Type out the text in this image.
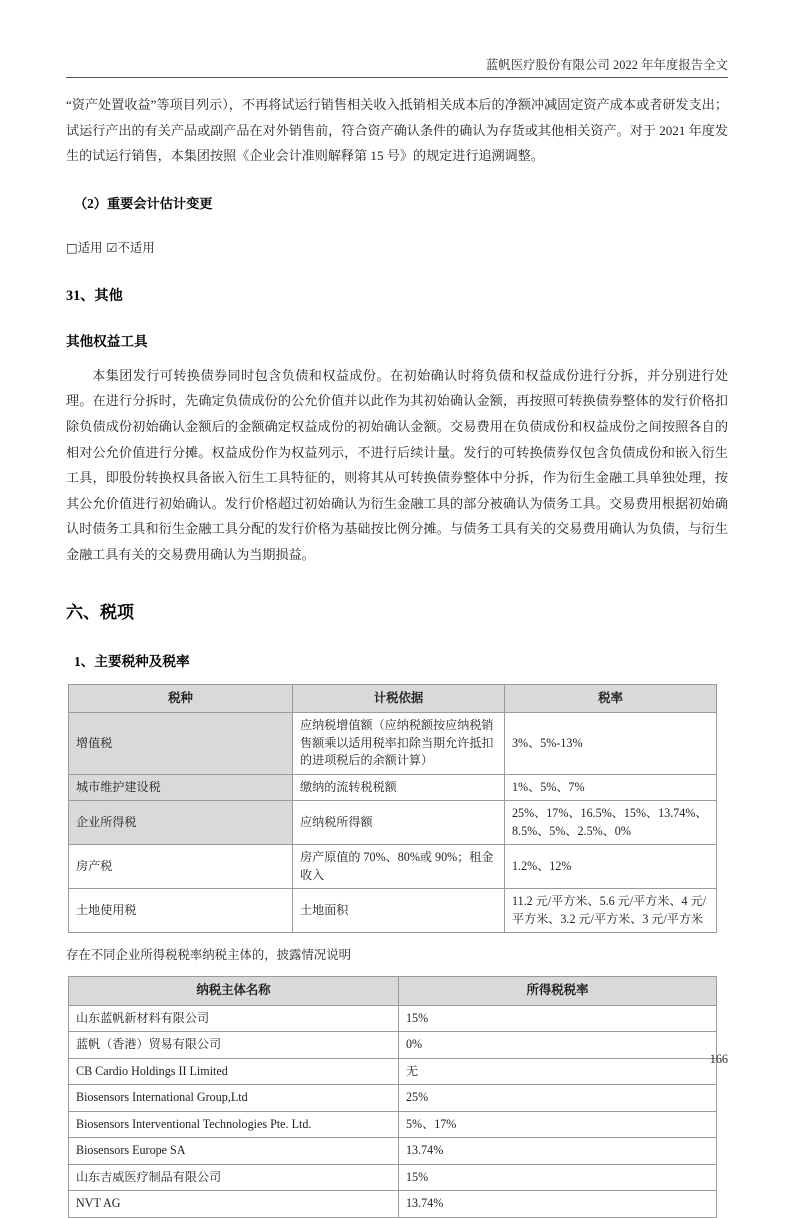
蓝帆医疗股份有限公司 2022 年年度报告全文

“资产处置收益”等项目列示），不再将试运行销售相关收入抵销相关成本后的净额冲减固定资产成本或者研发支出；试运行产出的有关产品或副产品在对外销售前，符合资产确认条件的确认为存货或其他相关资产。对于 2021 年度发生的试运行销售，本集团按照《企业会计准则解释第 15 号》的规定进行追溯调整。

（2）重要会计估计变更
□适用 ☑不适用
31、其他
其他权益工具

本集团发行可转换债券同时包含负债和权益成份。在初始确认时将负债和权益成份进行分拆，并分别进行处理。在进行分拆时，先确定负债成份的公允价值并以此作为其初始确认金额，再按照可转换债券整体的发行价格扣除负债成份初始确认金额后的金额确定权益成份的初始确认金额。交易费用在负债成份和权益成份之间按照各自的相对公允价值进行分摊。权益成份作为权益列示，不进行后续计量。发行的可转换债券仅包含负债成份和嵌入衍生工具，即股份转换权具备嵌入衍生工具特征的，则将其从可转换债券整体中分拆，作为衍生金融工具单独处理，按其公允价值进行初始确认。发行价格超过初始确认为衍生金融工具的部分被确认为债务工具。交易费用根据初始确认时债务工具和衍生金融工具分配的发行价格为基础按比例分摊。与债务工具有关的交易费用确认为负债，与衍生金融工具有关的交易费用确认为当期损益。

六、税项
1、主要税种及税率
税种	计税依据	税率
增值税	应纳税增值额（应纳税额按应纳税销售额乘以适用税率扣除当期允许抵扣的进项税后的余额计算）	3%、5%-13%
城市维护建设税	缴纳的流转税税额	1%、5%、7%
企业所得税	应纳税所得额	25%、17%、16.5%、15%、13.74%、8.5%、5%、2.5%、0%
房产税	房产原值的 70%、80%或 90%；租金收入	1.2%、12%
土地使用税	土地面积	11.2 元/平方米、5.6 元/平方米、4 元/平方米、3.2 元/平方米、3 元/平方米
存在不同企业所得税税率纳税主体的，披露情况说明
纳税主体名称	所得税税率
山东蓝帆新材料有限公司	15%
蓝帆（香港）贸易有限公司	0%
CB Cardio Holdings II Limited	无
Biosensors International Group,Ltd	25%
Biosensors Interventional Technologies Pte. Ltd.	5%、17%
Biosensors Europe SA	13.74%
山东吉威医疗制品有限公司	15%
NVT AG	13.74%
166
